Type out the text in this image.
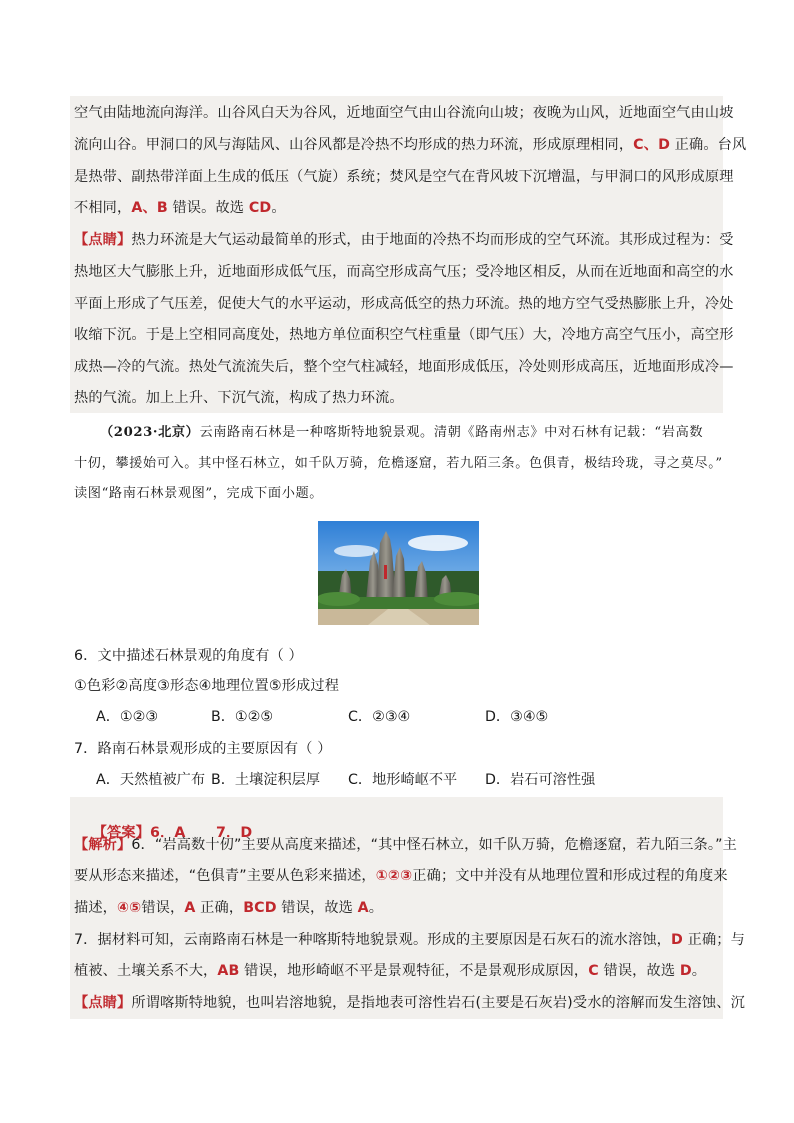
空气由陆地流向海洋。山谷风白天为谷风，近地面空气由山谷流向山坡；夜晚为山风，近地面空气由山坡
流向山谷。甲洞口的风与海陆风、山谷风都是冷热不均形成的热力环流，形成原理相同，C、D 正确。台风
是热带、副热带洋面上生成的低压（气旋）系统；焚风是空气在背风坡下沉增温，与甲洞口的风形成原理
不相同，A、B 错误。故选 CD。
【点睛】热力环流是大气运动最简单的形式，由于地面的冷热不均而形成的空气环流。其形成过程为：受
热地区大气膨胀上升，近地面形成低气压，而高空形成高气压；受冷地区相反，从而在近地面和高空的水
平面上形成了气压差，促使大气的水平运动，形成高低空的热力环流。热的地方空气受热膨胀上升，冷处
收缩下沉。于是上空相同高度处，热地方单位面积空气柱重量（即气压）大，冷地方高空气压小，高空形
成热—冷的气流。热处气流流失后，整个空气柱减轻，地面形成低压，冷处则形成高压，近地面形成冷—
热的气流。加上上升、下沉气流，构成了热力环流。
（2023·北京）云南路南石林是一种喀斯特地貌景观。清朝《路南州志》中对石林有记载：“岩高数
十仞，攀援始可入。其中怪石林立，如千队万骑，危檐逐窟，若九陌三条。色俱青，极结玲珑，寻之莫尽。”
读图“路南石林景观图”，完成下面小题。
6．文中描述石林景观的角度有（ ）
①色彩②高度③形态④地理位置⑤形成过程
A．①②③	B．①②⑤	C．②③④	D．③④⑤
7．路南石林景观形成的主要原因有（ ）
A．天然植被广布 B．土壤淀积层厚 C．地形崎岖不平 D．岩石可溶性强

【答案】6．A      7．D

【解析】6．“岩高数十仞”主要从高度来描述，“其中怪石林立，如千队万骑，危檐逐窟，若九陌三条。”主
要从形态来描述，“色俱青”主要从色彩来描述，①②③正确；文中并没有从地理位置和形成过程的角度来
描述，④⑤错误，A 正确，BCD 错误，故选 A。
7．据材料可知，云南路南石林是一种喀斯特地貌景观。形成的主要原因是石灰石的流水溶蚀，D 正确；与
植被、土壤关系不大，AB 错误，地形崎岖不平是景观特征，不是景观形成原因，C 错误，故选 D。
【点睛】所谓喀斯特地貌，也叫岩溶地貌，是指地表可溶性岩石(主要是石灰岩)受水的溶解而发生溶蚀、沉
